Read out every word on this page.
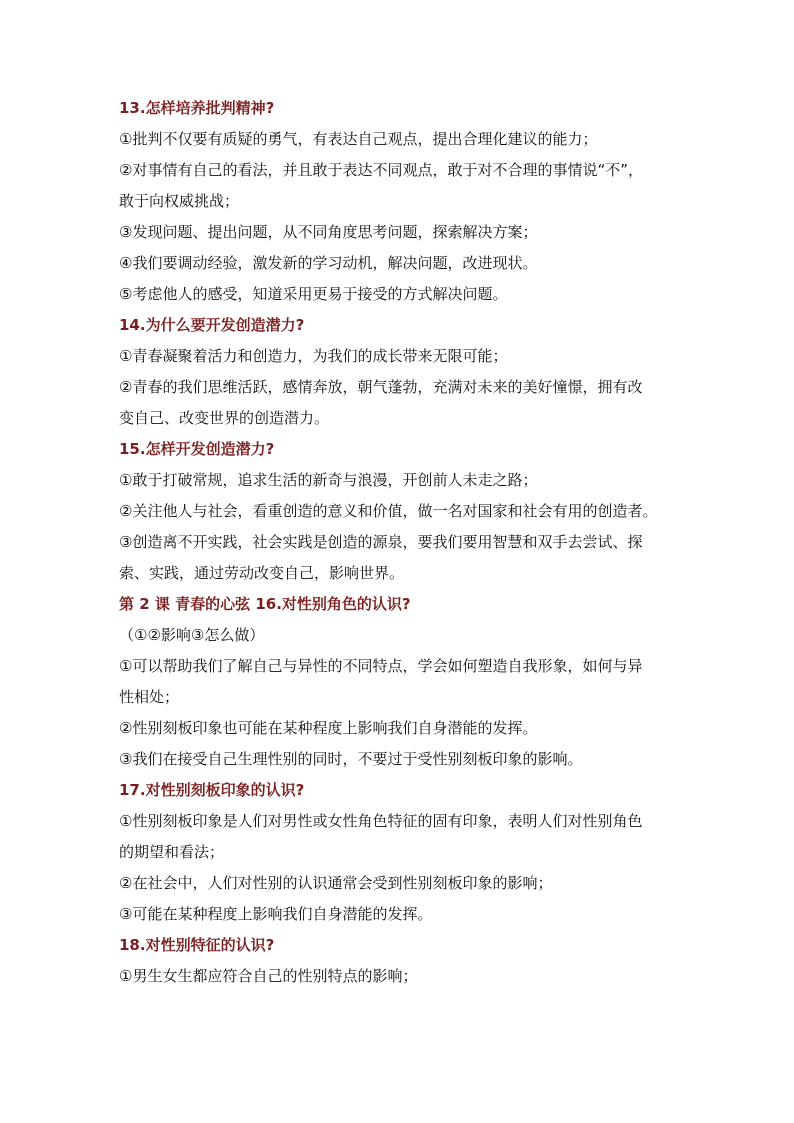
13.怎样培养批判精神?

①批判不仅要有质疑的勇气，有表达自己观点，提出合理化建议的能力；

②对事情有自己的看法，并且敢于表达不同观点，敢于对不合理的事情说“不”，

敢于向权威挑战；

③发现问题、提出问题，从不同角度思考问题，探索解决方案；

④我们要调动经验，激发新的学习动机，解决问题，改进现状。

⑤考虑他人的感受，知道采用更易于接受的方式解决问题。

14.为什么要开发创造潜力?

①青春凝聚着活力和创造力，为我们的成长带来无限可能；

②青春的我们思维活跃，感情奔放，朝气蓬勃，充满对未来的美好憧憬，拥有改

变自己、改变世界的创造潜力。

15.怎样开发创造潜力?

①敢于打破常规，追求生活的新奇与浪漫，开创前人未走之路；

②关注他人与社会，看重创造的意义和价值，做一名对国家和社会有用的创造者。

③创造离不开实践，社会实践是创造的源泉，要我们要用智慧和双手去尝试、探

索、实践，通过劳动改变自己，影响世界。

第 2 课 青春的心弦 16.对性别角色的认识?

（①②影响③怎么做）

①可以帮助我们了解自己与异性的不同特点，学会如何塑造自我形象，如何与异

性相处；

②性别刻板印象也可能在某种程度上影响我们自身潜能的发挥。

③我们在接受自己生理性别的同时，不要过于受性别刻板印象的影响。

17.对性别刻板印象的认识?

①性别刻板印象是人们对男性或女性角色特征的固有印象，表明人们对性别角色

的期望和看法；

②在社会中，人们对性别的认识通常会受到性别刻板印象的影响；

③可能在某种程度上影响我们自身潜能的发挥。

18.对性别特征的认识?

①男生女生都应符合自己的性别特点的影响；
